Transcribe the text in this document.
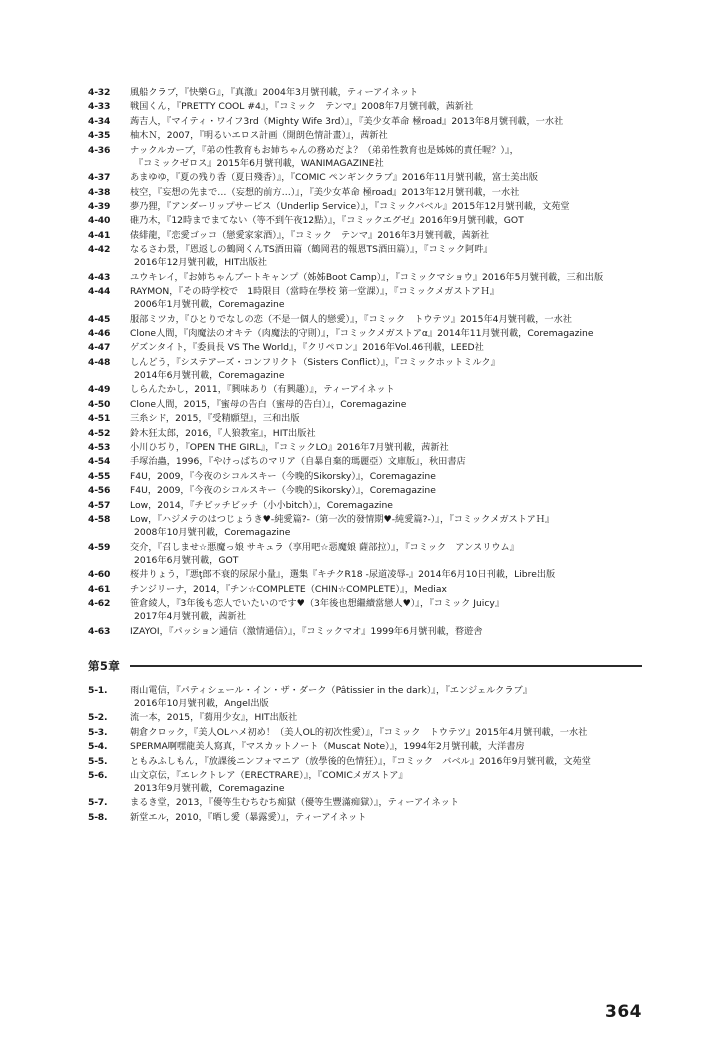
4-32	風船クラブ，『快樂Ｇ』，『真激』2004年3月號刊載，ティーアイネット
4-33	戦国くん，『PRETTY COOL #4』，『コミック　テンマ』2008年7月號刊載，茜新社
4-34	蒟吉人，『マイティ・ワイフ3rd（Mighty Wife 3rd）』，『美少女革命 極road』2013年8月號刊載，一水社
4-35	柚木Ｎ，2007，『明るいエロス計画（開朗色情計畫）』，茜新社
4-36	ナックルカーブ，『弟の性教育もお姉ちゃんの務めだよ？（弟弟性教育也是姊姊的責任喔？）』，
『コミックゼロス』2015年6月號刊載，WANIMAGAZINE社
4-37	あまゆゆ，『夏の残り香（夏日殘香）』，『COMIC ペンギンクラブ』2016年11月號刊載，富士美出版
4-38	枝空，『妄想の先まで…（妄想的前方…）』，『美少女革命 極road』2013年12月號刊載，一水社
4-39	夢乃狸，『アンダーリップサービス（Underlip Service）』，『コミックバベル』2015年12月號刊載，文苑堂
4-40	碓乃木，『12時までまてない（等不到午夜12點）』，『コミックエグゼ』2016年9月號刊載，GOT
4-41	俵緋龍，『恋愛ゴッコ（戀愛家家酒）』，『コミック　テンマ』2016年3月號刊載，茜新社
4-42	なるさわ景，『恩返しの鶴岡くんTS酒田篇（鶴岡君的報恩TS酒田篇）』，『コミック阿吽』
2016年12月號刊載，HIT出版社
4-43	ユウキレイ，『お姉ちゃんブートキャンプ（姊姊Boot Camp）』，『コミックマショウ』2016年5月號刊載，三和出版
4-44	RAYMON，『その時学校で　1時限目（當時在學校 第一堂課）』，『コミックメガストアＨ』
2006年1月號刊載，Coremagazine
4-45	服部ミツカ，『ひとりでなしの恋（不是一個人的戀愛）』，『コミック　トウテツ』2015年4月號刊載，一水社
4-46	Clone人間，『肉魔法のオキテ（肉魔法的守則）』，『コミックメガストアα』2014年11月號刊載，Coremagazine
4-47	ゲズンタイト，『委員長 VS The World』，『クリペロン』2016年Vol.46刊載，LEED社
4-48	しんどう，『システアーズ・コンフリクト（Sisters Conflict）』，『コミックホットミルク』
2014年6月號刊載，Coremagazine
4-49	しらんたかし，2011，『興味あり（有興趣）』，ティーアイネット
4-50	Clone人間，2015，『蜜母の告白（蜜母的告白）』，Coremagazine
4-51	三糸シド，2015，『受精願望』，三和出版
4-52	鈴木狂太郎，2016，『人狼教室』，HIT出版社
4-53	小川ひぢり，『OPEN THE GIRL』，『コミックLO』2016年7月號刊載，茜新社
4-54	手塚治蟲，1996，『やけっぱちのマリア（自暴自棄的瑪麗亞）文庫版』，秋田書店
4-55	F4U，2009，『今夜のシコルスキー（今晚的Sikorsky）』，Coremagazine
4-56	F4U，2009，『今夜のシコルスキー（今晚的Sikorsky）』，Coremagazine
4-57	Low，2014，『チビッチビッチ（小小bitch）』，Coremagazine
4-58	Low，『ハジメテのはつじょうき♥-純愛篇?-（第一次的發情期♥-純愛篇?-）』，『コミックメガストアＨ』
2008年10月號刊載，Coremagazine
4-59	交介，『召しませ☆悪魔っ娘 サキュラ（享用吧☆惡魔娘 薩部拉）』，『コミック　アンスリウム』
2016年6月號刊載，GOT
4-60	桜井りょう，『悪ţ郎不衰的尿尿小量』，選集『キチクR18 -尿道凌辱-』2014年6月10日刊載，Libre出版
4-61	チンジリーナ，2014，『チン☆COMPLETE（CHIN☆COMPLETE）』，Mediax
4-62	笹倉綾人，『3年後も恋人でいたいのです♥（3年後也想繼續當戀人♥）』，『コミック Juicy』
2017年4月號刊載，茜新社
4-63	IZAYOI，『パッション通信（激情通信）』，『コミックマオ』1999年6月號刊載，暓遊舎
第5章
5-1.	雨山電信，『パティシェール・イン・ザ・ダーク（Pâtissier in the dark）』，『エンジェルクラブ』
2016年10月號刊載，Angel出版
5-2.	流一本，2015，『蒭用少女』，HIT出版社
5-3.	朝倉クロック，『美人OLハメ初め！（美人OL的初次性愛）』，『コミック　トウテツ』2015年4月號刊載，一水社
5-4.	SPERMA啊嘿龍美人寫真，『マスカットノート（Muscat Note）』，1994年2月號刊載，大洋書房
5-5.	ともみふしもん，『放課後ニンフォマニア（放學後的色情狂）』，『コミック　バベル』2016年9月號刊載，文苑堂
5-6.	山文京伝，『エレクトレア（ERECTRARE）』，『COMICメガストア』
2013年9月號刊載，Coremagazine
5-7.	まるき堂，2013，『優等生むちむち痴獄（優等生豐滿痴獄）』，ティーアイネット
5-8.	新堂エル，2010，『晒し愛（暴露愛）』，ティーアイネット
364
